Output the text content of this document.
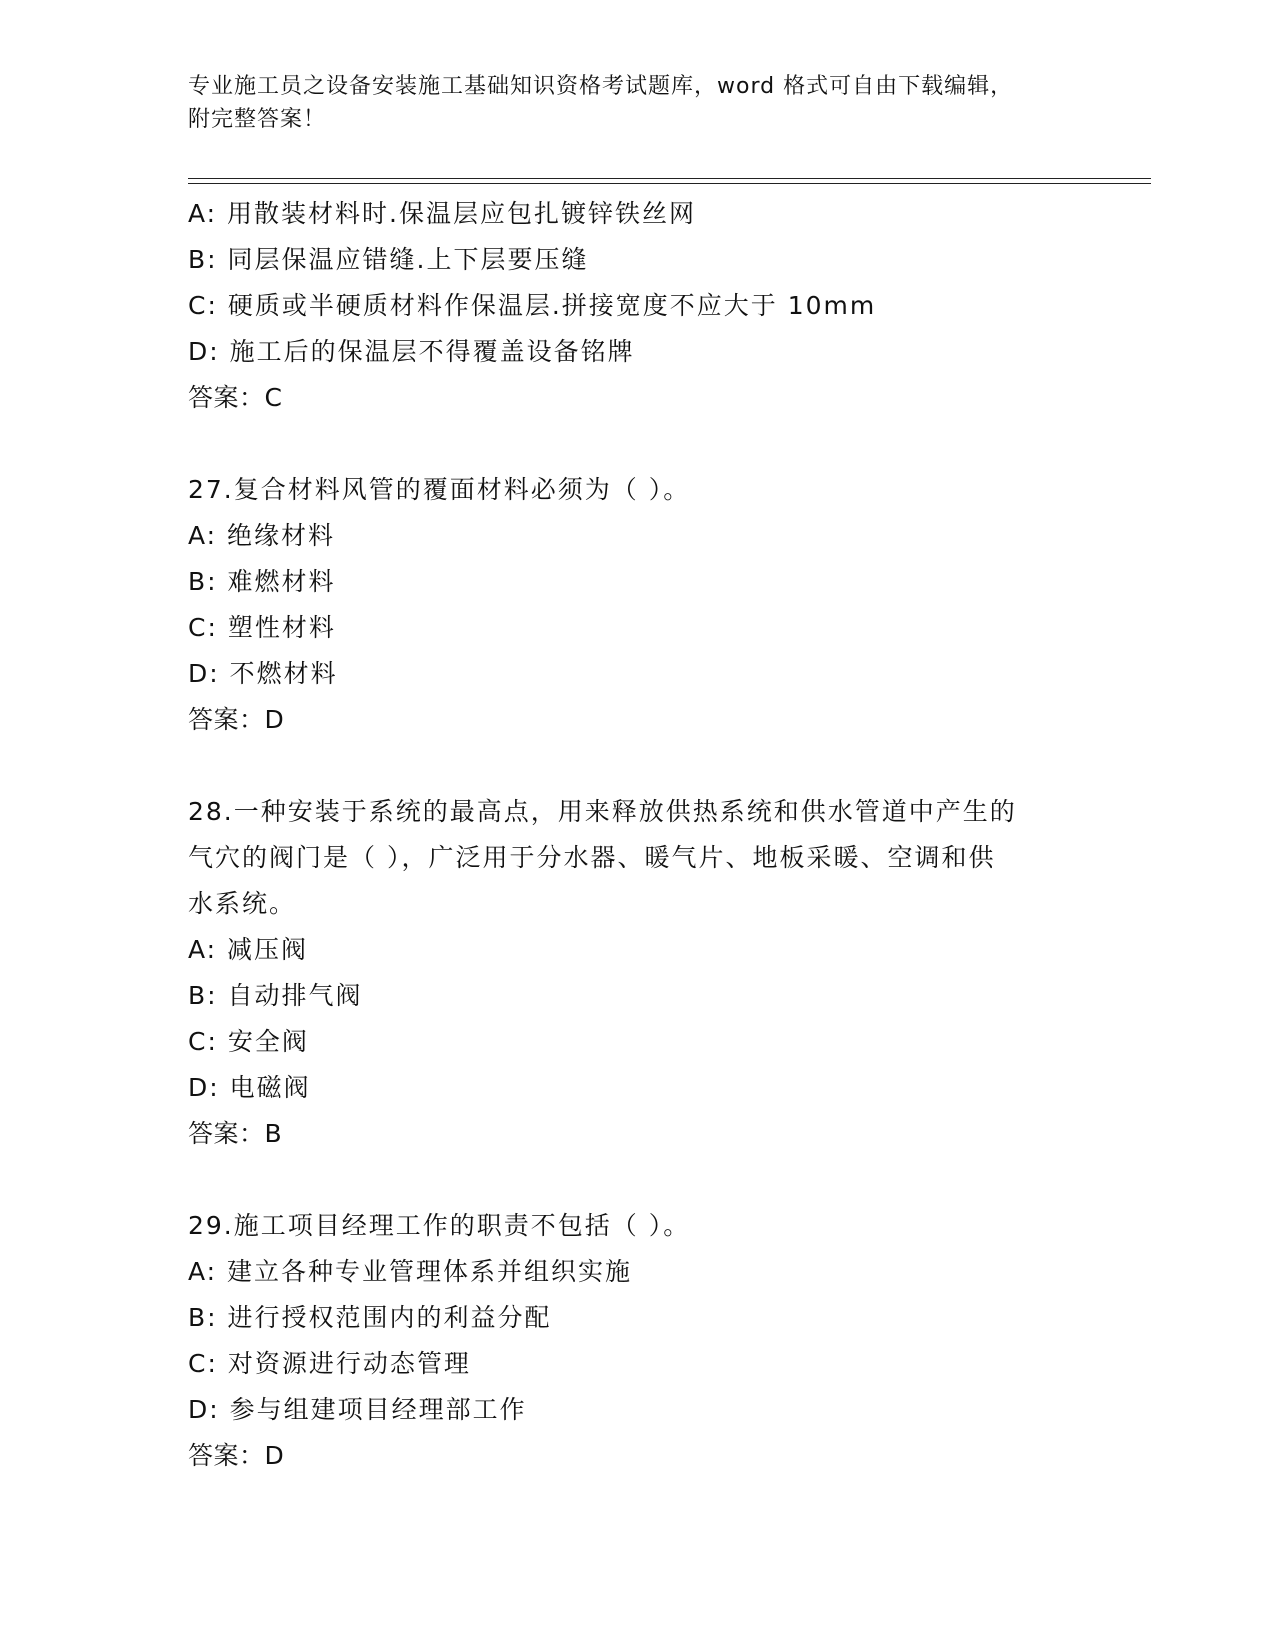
专业施工员之设备安装施工基础知识资格考试题库，word 格式可自由下载编辑，
附完整答案！
A: 用散装材料时.保温层应包扎镀锌铁丝网
B: 同层保温应错缝.上下层要压缝
C: 硬质或半硬质材料作保温层.拼接宽度不应大于 10mm
D: 施工后的保温层不得覆盖设备铭牌
答案：C
27.复合材料风管的覆面材料必须为（ ）。
A: 绝缘材料
B: 难燃材料
C: 塑性材料
D: 不燃材料
答案：D
28.一种安装于系统的最高点，用来释放供热系统和供水管道中产生的
气穴的阀门是（ ），广泛用于分水器、暖气片、地板采暖、空调和供
水系统。
A: 减压阀
B: 自动排气阀
C: 安全阀
D: 电磁阀
答案：B
29.施工项目经理工作的职责不包括（ ）。
A: 建立各种专业管理体系并组织实施
B: 进行授权范围内的利益分配
C: 对资源进行动态管理
D: 参与组建项目经理部工作
答案：D
